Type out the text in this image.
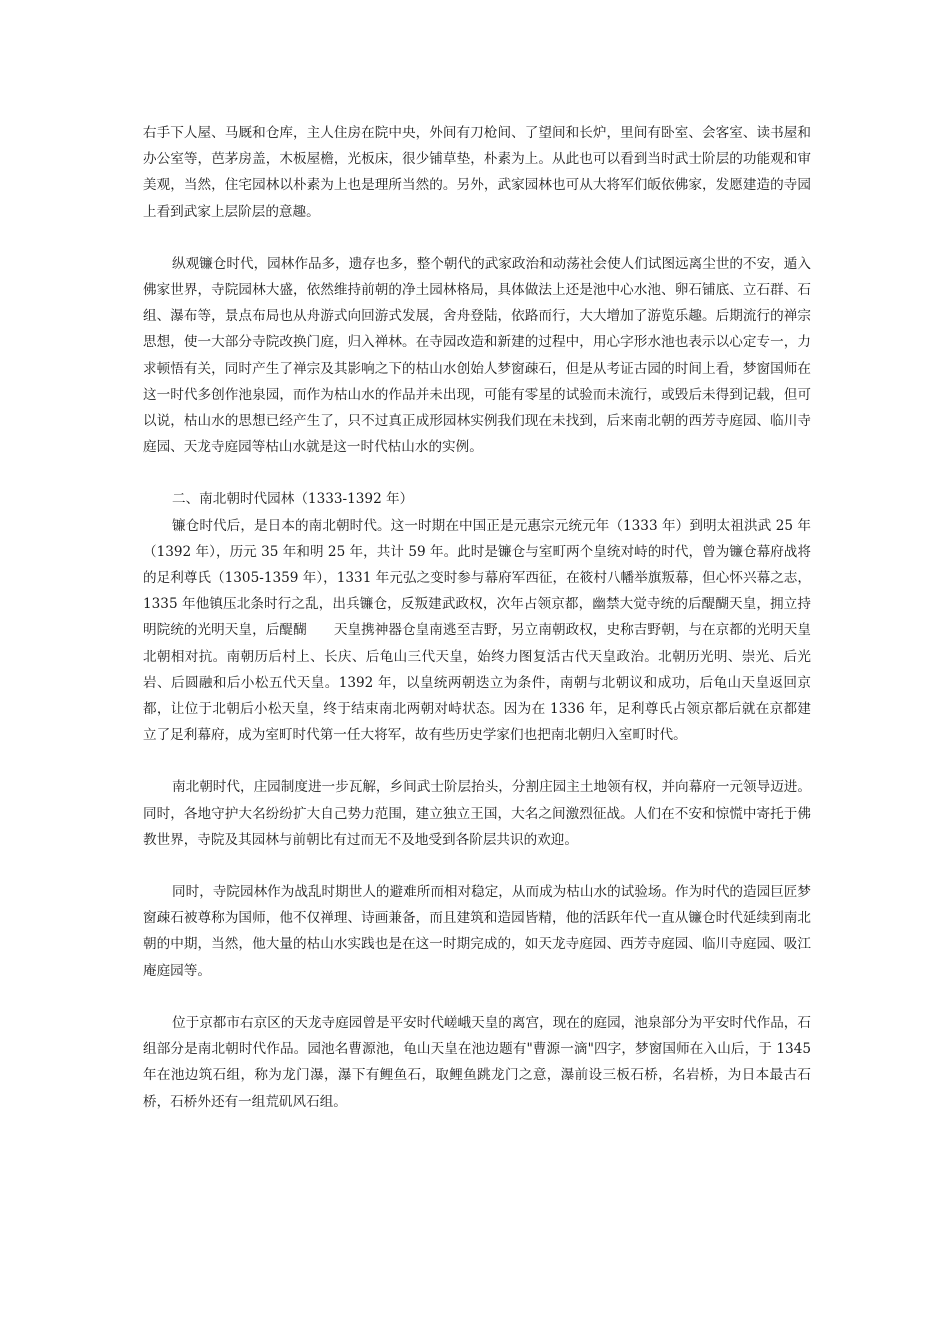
右手下人屋、马厩和仓库，主人住房在院中央，外间有刀枪间、了望间和长炉，里间有卧室、会客室、读书屋和办公室等，芭茅房盖，木板屋檐，光板床，很少铺草垫，朴素为上。从此也可以看到当时武士阶层的功能观和审美观，当然，住宅园林以朴素为上也是理所当然的。另外，武家园林也可从大将军们皈依佛家，发愿建造的寺园上看到武家上层阶层的意趣。

纵观镰仓时代，园林作品多，遗存也多，整个朝代的武家政治和动荡社会使人们试图远离尘世的不安，遁入佛家世界，寺院园林大盛，依然维持前朝的净土园林格局，具体做法上还是池中心水池、卵石铺底、立石群、石组、瀑布等，景点布局也从舟游式向回游式发展，舍舟登陆，依路而行，大大增加了游览乐趣。后期流行的禅宗思想，使一大部分寺院改换门庭，归入禅林。在寺园改造和新建的过程中，用心字形水池也表示以心定专一，力求顿悟有关，同时产生了禅宗及其影响之下的枯山水创始人梦窗疎石，但是从考证古园的时间上看，梦窗国师在这一时代多创作池泉园，而作为枯山水的作品并未出现，可能有零星的试验而未流行，或毁后未得到记载，但可以说，枯山水的思想已经产生了，只不过真正成形园林实例我们现在未找到，后来南北朝的西芳寺庭园、临川寺庭园、天龙寺庭园等枯山水就是这一时代枯山水的实例。

二、南北朝时代园林（1333-1392 年）

镰仓时代后，是日本的南北朝时代。这一时期在中国正是元惠宗元统元年（1333 年）到明太祖洪武 25 年（1392 年），历元 35 年和明 25 年，共计 59 年。此时是镰仓与室町两个皇统对峙的时代，曾为镰仓幕府战将的足利尊氏（1305-1359 年），1331 年元弘之变时参与幕府军西征，在筱村八幡举旗叛幕，但心怀兴幕之志，1335 年他镇压北条时行之乱，出兵镰仓，反叛建武政权，次年占领京都，幽禁大觉寺统的后醍醐天皇，拥立持明院统的光明天皇，后醍醐　　天皇携神器仓皇南逃至吉野，另立南朝政权，史称吉野朝，与在京都的光明天皇北朝相对抗。南朝历后村上、长庆、后龟山三代天皇，始终力图复活古代天皇政治。北朝历光明、崇光、后光岩、后圆融和后小松五代天皇。1392 年，以皇统两朝迭立为条件，南朝与北朝议和成功，后龟山天皇返回京都，让位于北朝后小松天皇，终于结束南北两朝对峙状态。因为在 1336 年，足利尊氏占领京都后就在京都建立了足利幕府，成为室町时代第一任大将军，故有些历史学家们也把南北朝归入室町时代。

南北朝时代，庄园制度进一步瓦解，乡间武士阶层抬头，分割庄园主土地领有权，并向幕府一元领导迈进。同时，各地守护大名纷纷扩大自己势力范围，建立独立王国，大名之间激烈征战。人们在不安和惊慌中寄托于佛教世界，寺院及其园林与前朝比有过而无不及地受到各阶层共识的欢迎。

同时，寺院园林作为战乱时期世人的避难所而相对稳定，从而成为枯山水的试验场。作为时代的造园巨匠梦窗疎石被尊称为国师，他不仅禅理、诗画兼备，而且建筑和造园皆精，他的活跃年代一直从镰仓时代延续到南北朝的中期，当然，他大量的枯山水实践也是在这一时期完成的，如天龙寺庭园、西芳寺庭园、临川寺庭园、吸江庵庭园等。

位于京都市右京区的天龙寺庭园曾是平安时代嵯峨天皇的离宫，现在的庭园，池泉部分为平安时代作品，石组部分是南北朝时代作品。园池名曹源池，龟山天皇在池边题有"曹源一滴"四字，梦窗国师在入山后，于 1345 年在池边筑石组，称为龙门瀑，瀑下有鲤鱼石，取鲤鱼跳龙门之意，瀑前设三板石桥，名岩桥，为日本最古石桥，石桥外还有一组荒矶风石组。
